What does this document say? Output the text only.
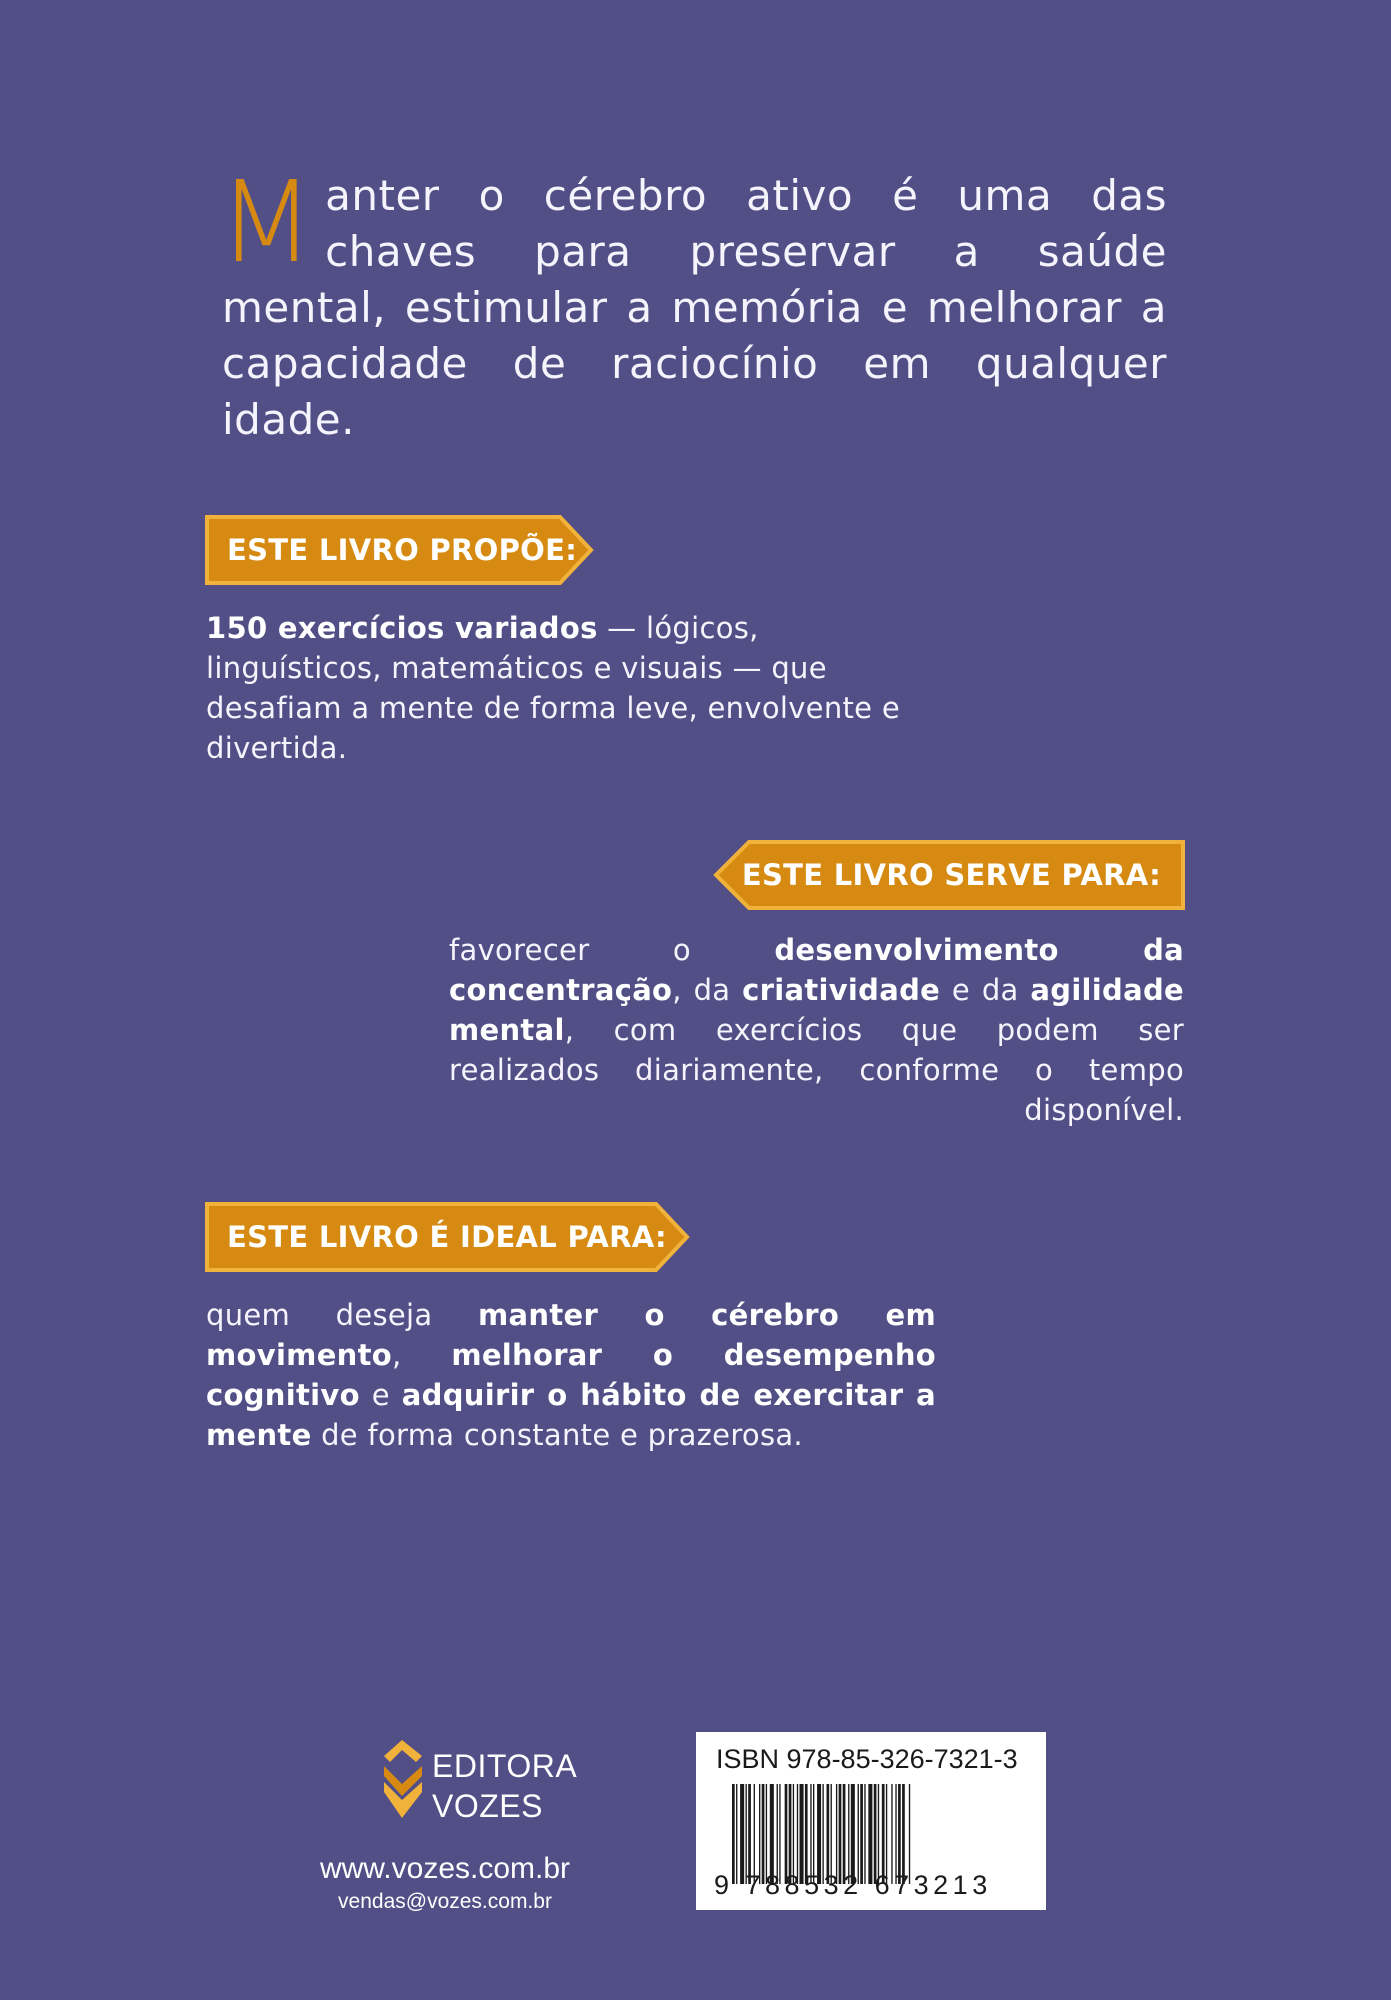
M anter o cérebro ativo é uma das chaves para preservar a saúde mental, estimular a memória e melhorar a capacidade de raciocínio em qualquer idade.
ESTE LIVRO PROPÕE:
150 exercícios variados — lógicos, linguísticos, matemáticos e visuais — que desafiam a mente de forma leve, envolvente e divertida.
ESTE LIVRO SERVE PARA:
favorecer o desenvolvimento da concentração, da criatividade e da agilidade mental, com exercícios que podem ser realizados diariamente, conforme o tempo disponível.
ESTE LIVRO É IDEAL PARA:
quem deseja manter o cérebro em movimento, melhorar o desempenho cognitivo e adquirir o hábito de exercitar a mente de forma constante e prazerosa.
EDITORA
VOZES
www.vozes.com.br
vendas@vozes.com.br
ISBN 978-85-326-7321-3
9 788532 673213
